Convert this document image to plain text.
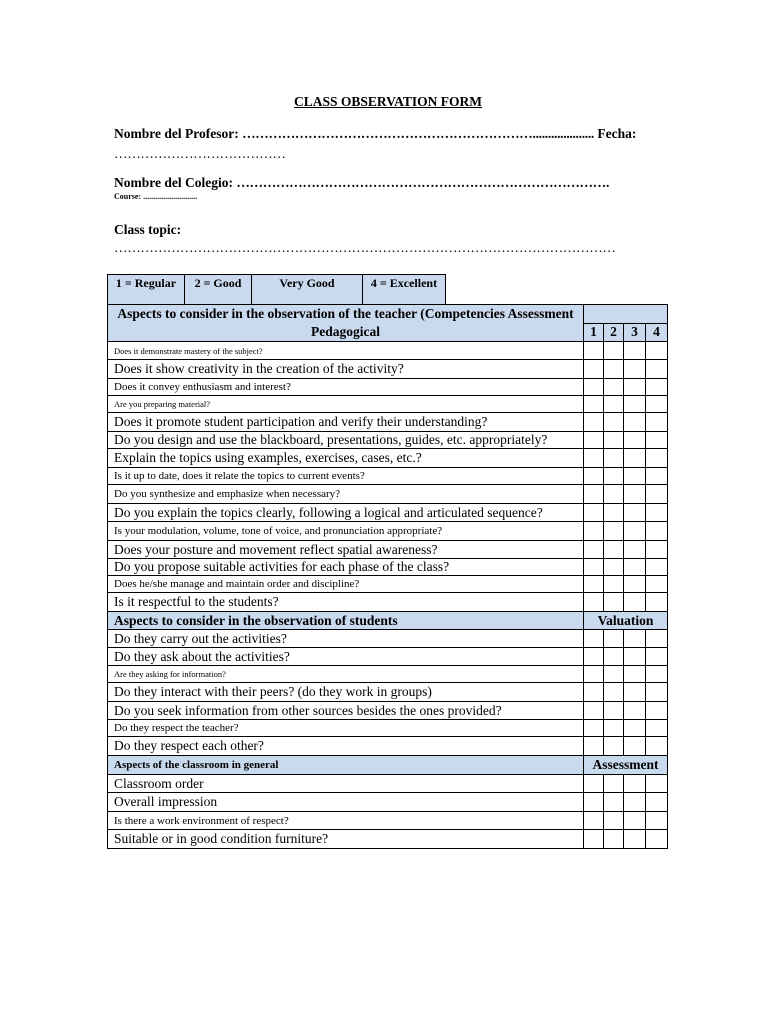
CLASS OBSERVATION FORM
Nombre del Profesor: ………………………………………………………….................... Fecha:
…………………………………
Nombre del Colegio: ………………………………………………………………………….
Course: ...........................
Class topic:
……………………………………………………………………………………………………
1 = Regular	2 = Good	Very Good	4 = Excellent
Aspects to consider in the observation of the teacher (Competencies Assessment Pedagogical				
	1	2	3	4
Does it demonstrate mastery of the subject?				
Does it show creativity in the creation of the activity?				
Does it convey enthusiasm and interest?				
Are you preparing material?				
Does it promote student participation and verify their understanding?				
Do you design and use the blackboard, presentations, guides, etc. appropriately?				
Explain the topics using examples, exercises, cases, etc.?				
Is it up to date, does it relate the topics to current events?				
Do you synthesize and emphasize when necessary?				
Do you explain the topics clearly, following a logical and articulated sequence?				
Is your modulation, volume, tone of voice, and pronunciation appropriate?				
Does your posture and movement reflect spatial awareness?				
Do you propose suitable activities for each phase of the class?				
Does he/she manage and maintain order and discipline?				
Is it respectful to the students?				
Aspects to consider in the observation of students	Valuation			
Do they carry out the activities?				
Do they ask about the activities?				
Are they asking for information?				
Do they interact with their peers? (do they work in groups)				
Do you seek information from other sources besides the ones provided?				
Do they respect the teacher?				
Do they respect each other?				
Aspects of the classroom in general	Assessment			
Classroom order				
Overall impression				
Is there a work environment of respect?				
Suitable or in good condition furniture?				
